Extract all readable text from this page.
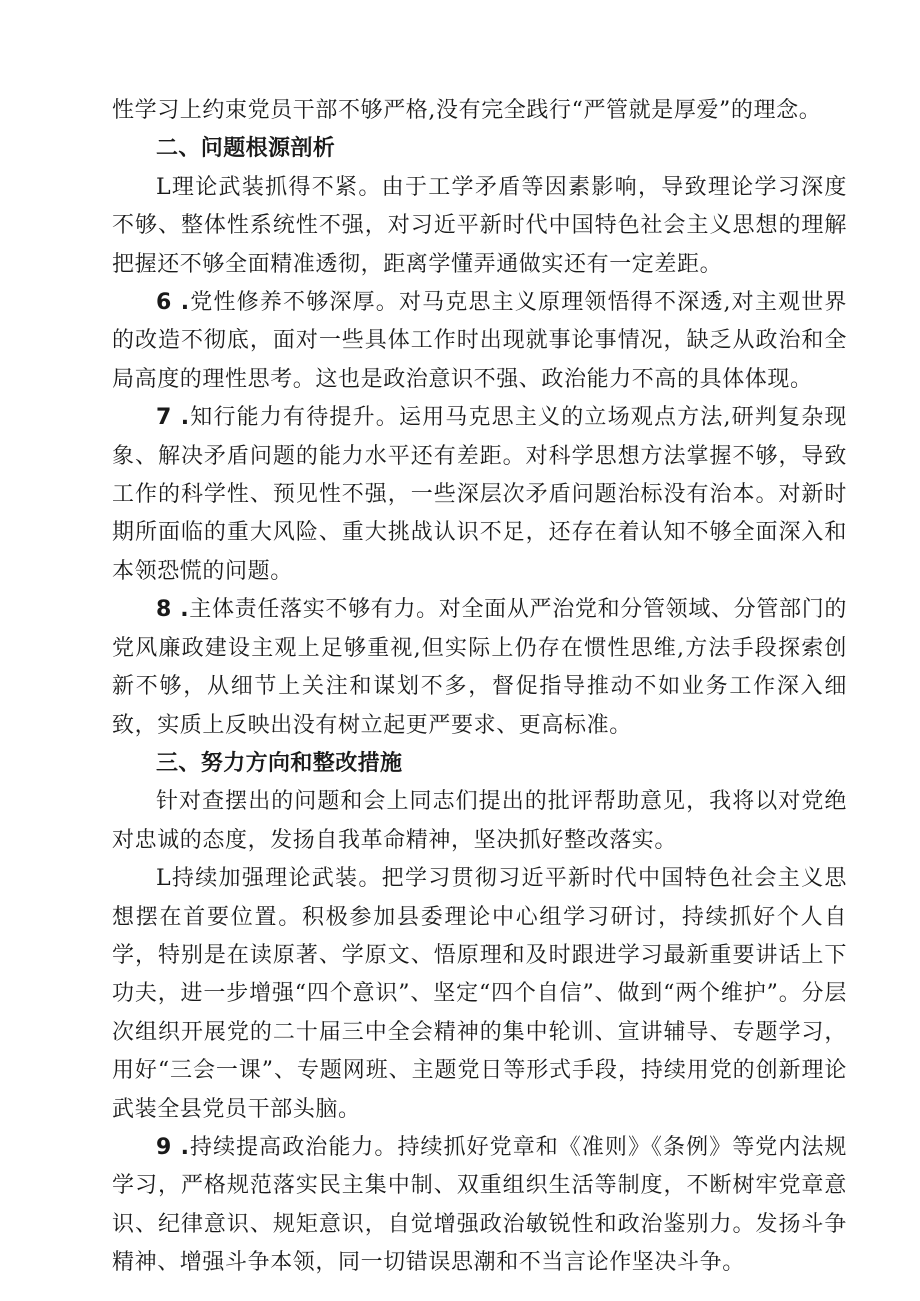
性学习上约束党员干部不够严格,没有完全践行“严管就是厚爱”的理念。

二、问题根源剖析

L理论武装抓得不紧。由于工学矛盾等因素影响，导致理论学习深度不够、整体性系统性不强，对习近平新时代中国特色社会主义思想的理解把握还不够全面精准透彻，距离学懂弄通做实还有一定差距。

6 .党性修养不够深厚。对马克思主义原理领悟得不深透,对主观世界的改造不彻底，面对一些具体工作时出现就事论事情况，缺乏从政治和全局高度的理性思考。这也是政治意识不强、政治能力不高的具体体现。

7 .知行能力有待提升。运用马克思主义的立场观点方法,研判复杂现象、解决矛盾问题的能力水平还有差距。对科学思想方法掌握不够，导致工作的科学性、预见性不强，一些深层次矛盾问题治标没有治本。对新时期所面临的重大风险、重大挑战认识不足，还存在着认知不够全面深入和本领恐慌的问题。

8 .主体责任落实不够有力。对全面从严治党和分管领域、分管部门的党风廉政建设主观上足够重视,但实际上仍存在惯性思维,方法手段探索创新不够，从细节上关注和谋划不多，督促指导推动不如业务工作深入细致，实质上反映出没有树立起更严要求、更高标准。

三、努力方向和整改措施

针对查摆出的问题和会上同志们提出的批评帮助意见，我将以对党绝对忠诚的态度，发扬自我革命精神，坚决抓好整改落实。

L持续加强理论武装。把学习贯彻习近平新时代中国特色社会主义思想摆在首要位置。积极参加县委理论中心组学习研讨，持续抓好个人自学，特别是在读原著、学原文、悟原理和及时跟进学习最新重要讲话上下功夫，进一步增强“四个意识”、坚定“四个自信”、做到“两个维护”。分层次组织开展党的二十届三中全会精神的集中轮训、宣讲辅导、专题学习，用好“三会一课”、专题网班、主题党日等形式手段，持续用党的创新理论武装全县党员干部头脑。

9 .持续提高政治能力。持续抓好党章和《准则》《条例》等党内法规学习，严格规范落实民主集中制、双重组织生活等制度，不断树牢党章意识、纪律意识、规矩意识，自觉增强政治敏锐性和政治鉴别力。发扬斗争精神、增强斗争本领，同一切错误思潮和不当言论作坚决斗争。
